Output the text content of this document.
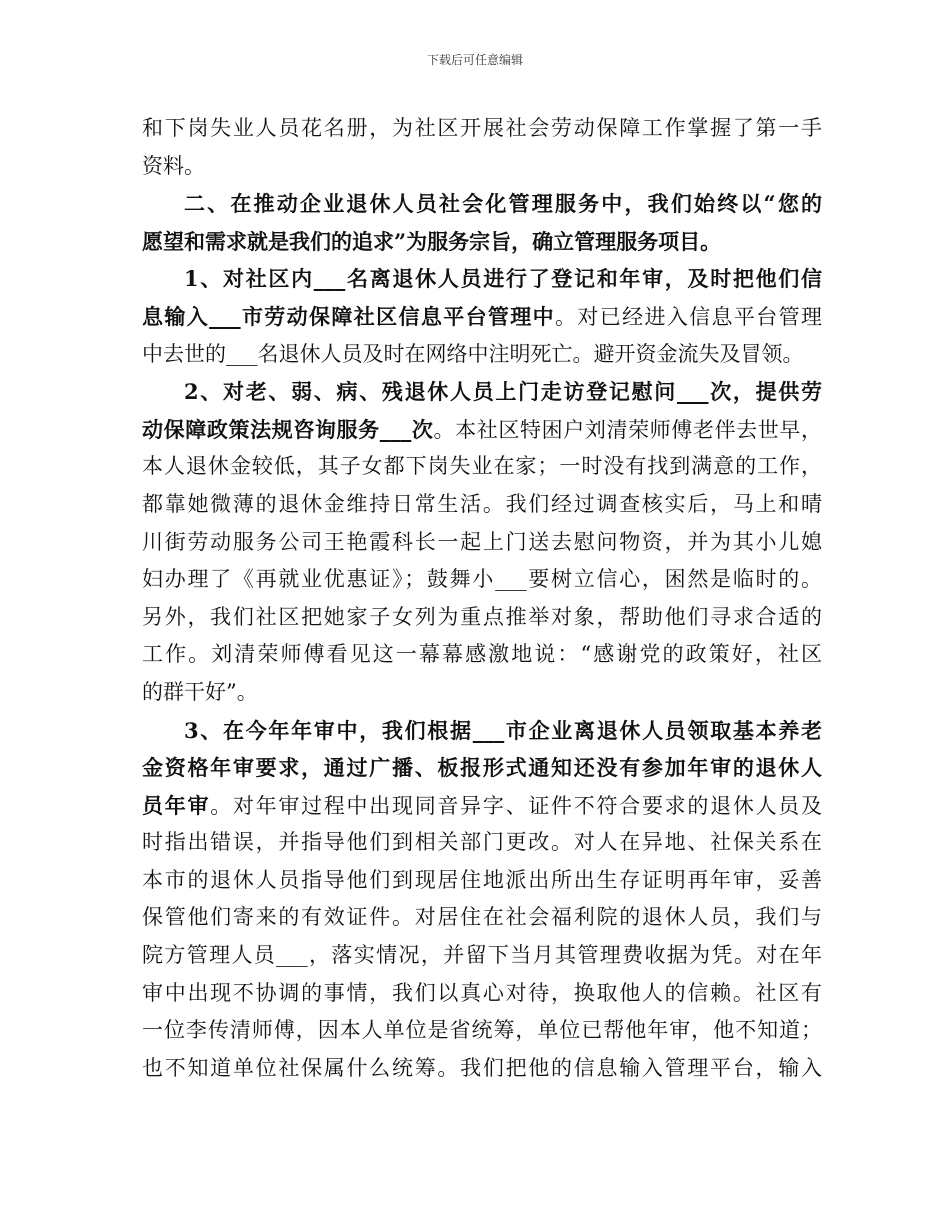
下载后可任意编辑
和下岗失业人员花名册，为社区开展社会劳动保障工作掌握了第一手
资料。
二、在推动企业退休人员社会化管理服务中，我们始终以“您的
愿望和需求就是我们的追求”为服务宗旨，确立管理服务项目。
1、对社区内___名离退休人员进行了登记和年审，及时把他们信
息输入___市劳动保障社区信息平台管理中。对已经进入信息平台管理
中去世的___名退休人员及时在网络中注明死亡。避开资金流失及冒领。
2、对老、弱、病、残退休人员上门走访登记慰问___次，提供劳
动保障政策法规咨询服务___次。本社区特困户刘清荣师傅老伴去世早，
本人退休金较低，其子女都下岗失业在家；一时没有找到满意的工作，
都靠她微薄的退休金维持日常生活。我们经过调查核实后，马上和晴
川街劳动服务公司王艳霞科长一起上门送去慰问物资，并为其小儿媳
妇办理了《再就业优惠证》；鼓舞小___要树立信心，困然是临时的。
另外，我们社区把她家子女列为重点推举对象，帮助他们寻求合适的
工作。刘清荣师傅看见这一幕幕感激地说：“感谢党的政策好，社区
的群干好”。
3、在今年年审中，我们根据___市企业离退休人员领取基本养老
金资格年审要求，通过广播、板报形式通知还没有参加年审的退休人
员年审。对年审过程中出现同音异字、证件不符合要求的退休人员及
时指出错误，并指导他们到相关部门更改。对人在异地、社保关系在
本市的退休人员指导他们到现居住地派出所出生存证明再年审，妥善
保管他们寄来的有效证件。对居住在社会福利院的退休人员，我们与
院方管理人员___，落实情况，并留下当月其管理费收据为凭。对在年
审中出现不协调的事情，我们以真心对待，换取他人的信赖。社区有
一位李传清师傅，因本人单位是省统筹，单位已帮他年审，他不知道；
也不知道单位社保属什么统筹。我们把他的信息输入管理平台，输入
